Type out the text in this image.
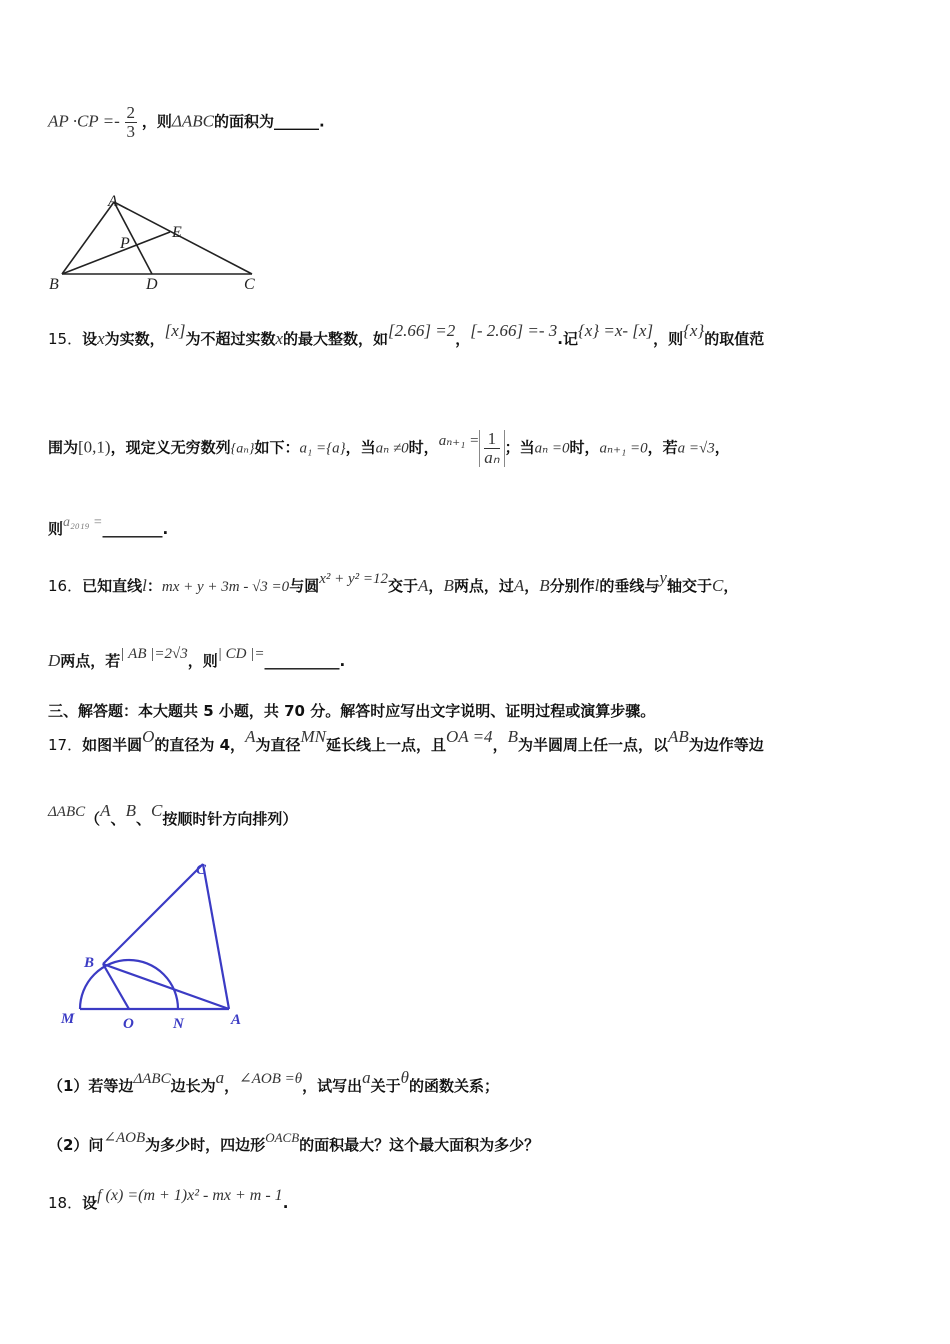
AP $\cdot CP =- \frac{2}{3}$ ，则ΔABC的面积为______.
A
E
P
B	D	C
15．设x为实数，[x]为不超过实数x的最大整数，如[2.66] =2，[- 2.66] =- 3.记{x} =x- [x]，则{x}的取值范
围为[0,1)，现定义无穷数列{aₙ}如下：a₁ ={a}，当aₙ ≠0时，$a_{n+1} = \frac{1}{\text{aₙ}}$ ；当aₙ =0时，aₙ₊₁ =0，若a =√3，
则a₂₀₁₉ =________.
16．已知直线l：mx + y + 3m - √3 =0与圆x² + y² =12交于A，B两点，过A，B分别作l的垂线与y轴交于C，
D两点，若| AB |=2√3，则| CD |=__________.
三、解答题：本大题共 5 小题，共 70 分。解答时应写出文字说明、证明过程或演算步骤。
17．如图半圆O的直径为 4，A为直径MN延长线上一点，且OA =4，B为半圆周上任一点，以AB为边作等边
ΔABC（A、B、C按顺时针方向排列）
C
B
M	O	N	A
（1）若等边ΔABC边长为a，∠AOB =θ，试写出a关于θ的函数关系；
（2）问∠AOB为多少时，四边形OACB的面积最大？这个最大面积为多少？
18．设f (x) =(m + 1)x² - mx + m - 1.
